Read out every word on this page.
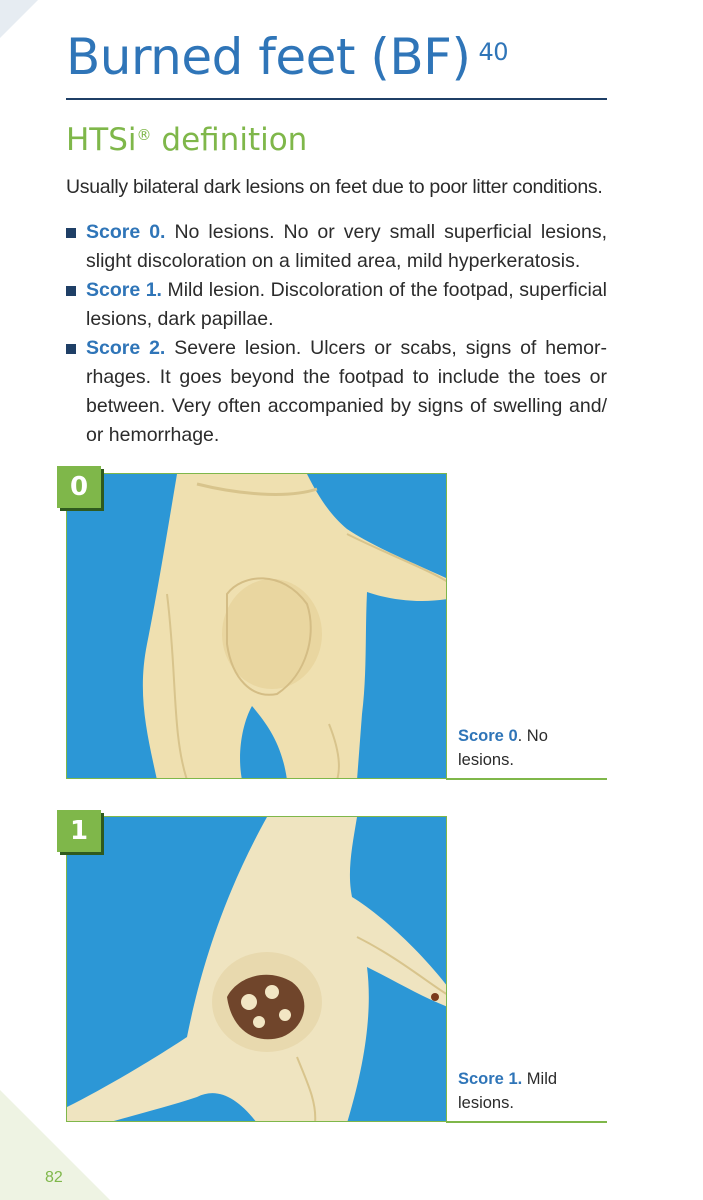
Burned feet (BF) $^{40}$
HTSi® definition
Usually bilateral dark lesions on feet due to poor litter conditions.
Score 0. No lesions. No or very small superficial lesions, slight discoloration on a limited area, mild hyperkeratosis.
Score 1. Mild lesion. Discoloration of the footpad, superficial lesions, dark papillae.
Score 2. Severe lesion. Ulcers or scabs, signs of hemor-rhages. It goes beyond the footpad to include the toes or between. Very often accompanied by signs of swelling and/ or hemorrhage.
0
Score 0. No lesions.
1
Score 1. Mild lesions.
82
